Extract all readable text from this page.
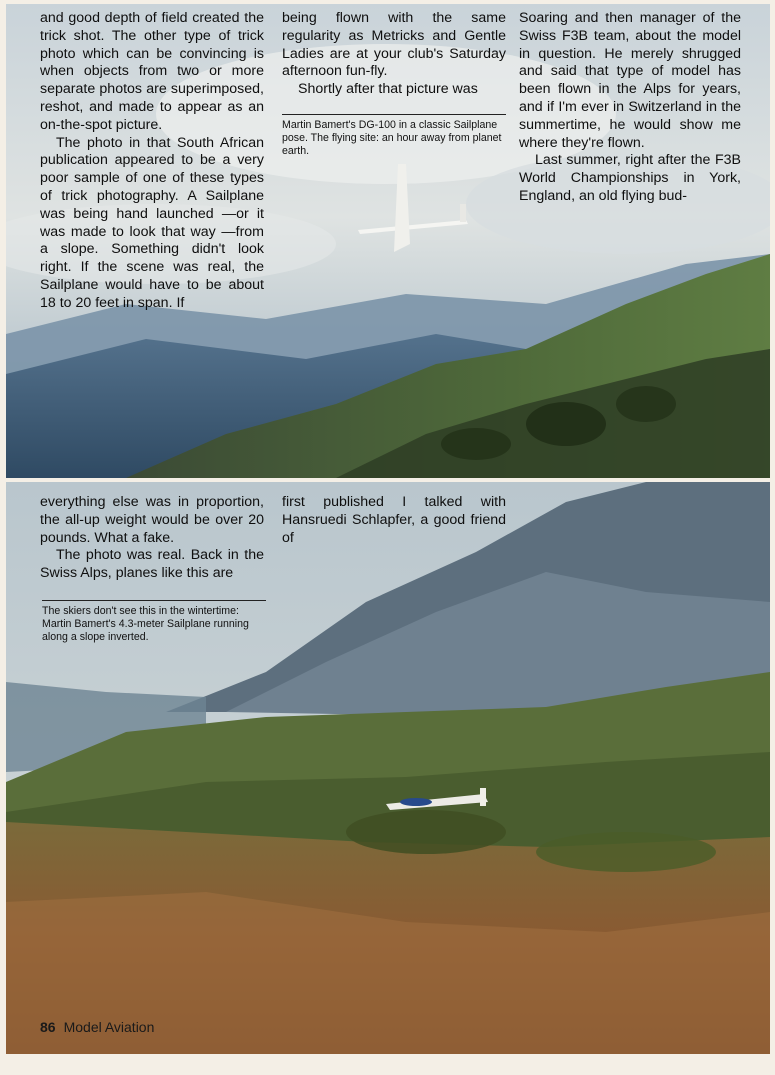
and good depth of field created the trick shot. The other type of trick photo which can be convincing is when objects from two or more separate photos are superimposed, reshot, and made to appear as an on-the-spot picture.

The photo in that South African publication appeared to be a very poor sample of one of these types of trick photography. A Sailplane was being hand launched —or it was made to look that way —from a slope. Something didn't look right. If the scene was real, the Sailplane would have to be about 18 to 20 feet in span. If

being flown with the same regularity as Metricks and Gentle Ladies are at your club's Saturday afternoon fun-fly.

Shortly after that picture was

Martin Bamert's DG-100 in a classic Sailplane pose. The flying site: an hour away from planet earth.

Soaring and then manager of the Swiss F3B team, about the model in question. He merely shrugged and said that type of model has been flown in the Alps for years, and if I'm ever in Switzerland in the summertime, he would show me where they're flown.

Last summer, right after the F3B World Championships in York, England, an old flying bud-

everything else was in proportion, the all-up weight would be over 20 pounds. What a fake.

The photo was real. Back in the Swiss Alps, planes like this are

The skiers don't see this in the wintertime: Martin Bamert's 4.3-meter Sailplane running along a slope inverted.

first published I talked with Hansruedi Schlapfer, a good friend of

86 Model Aviation
